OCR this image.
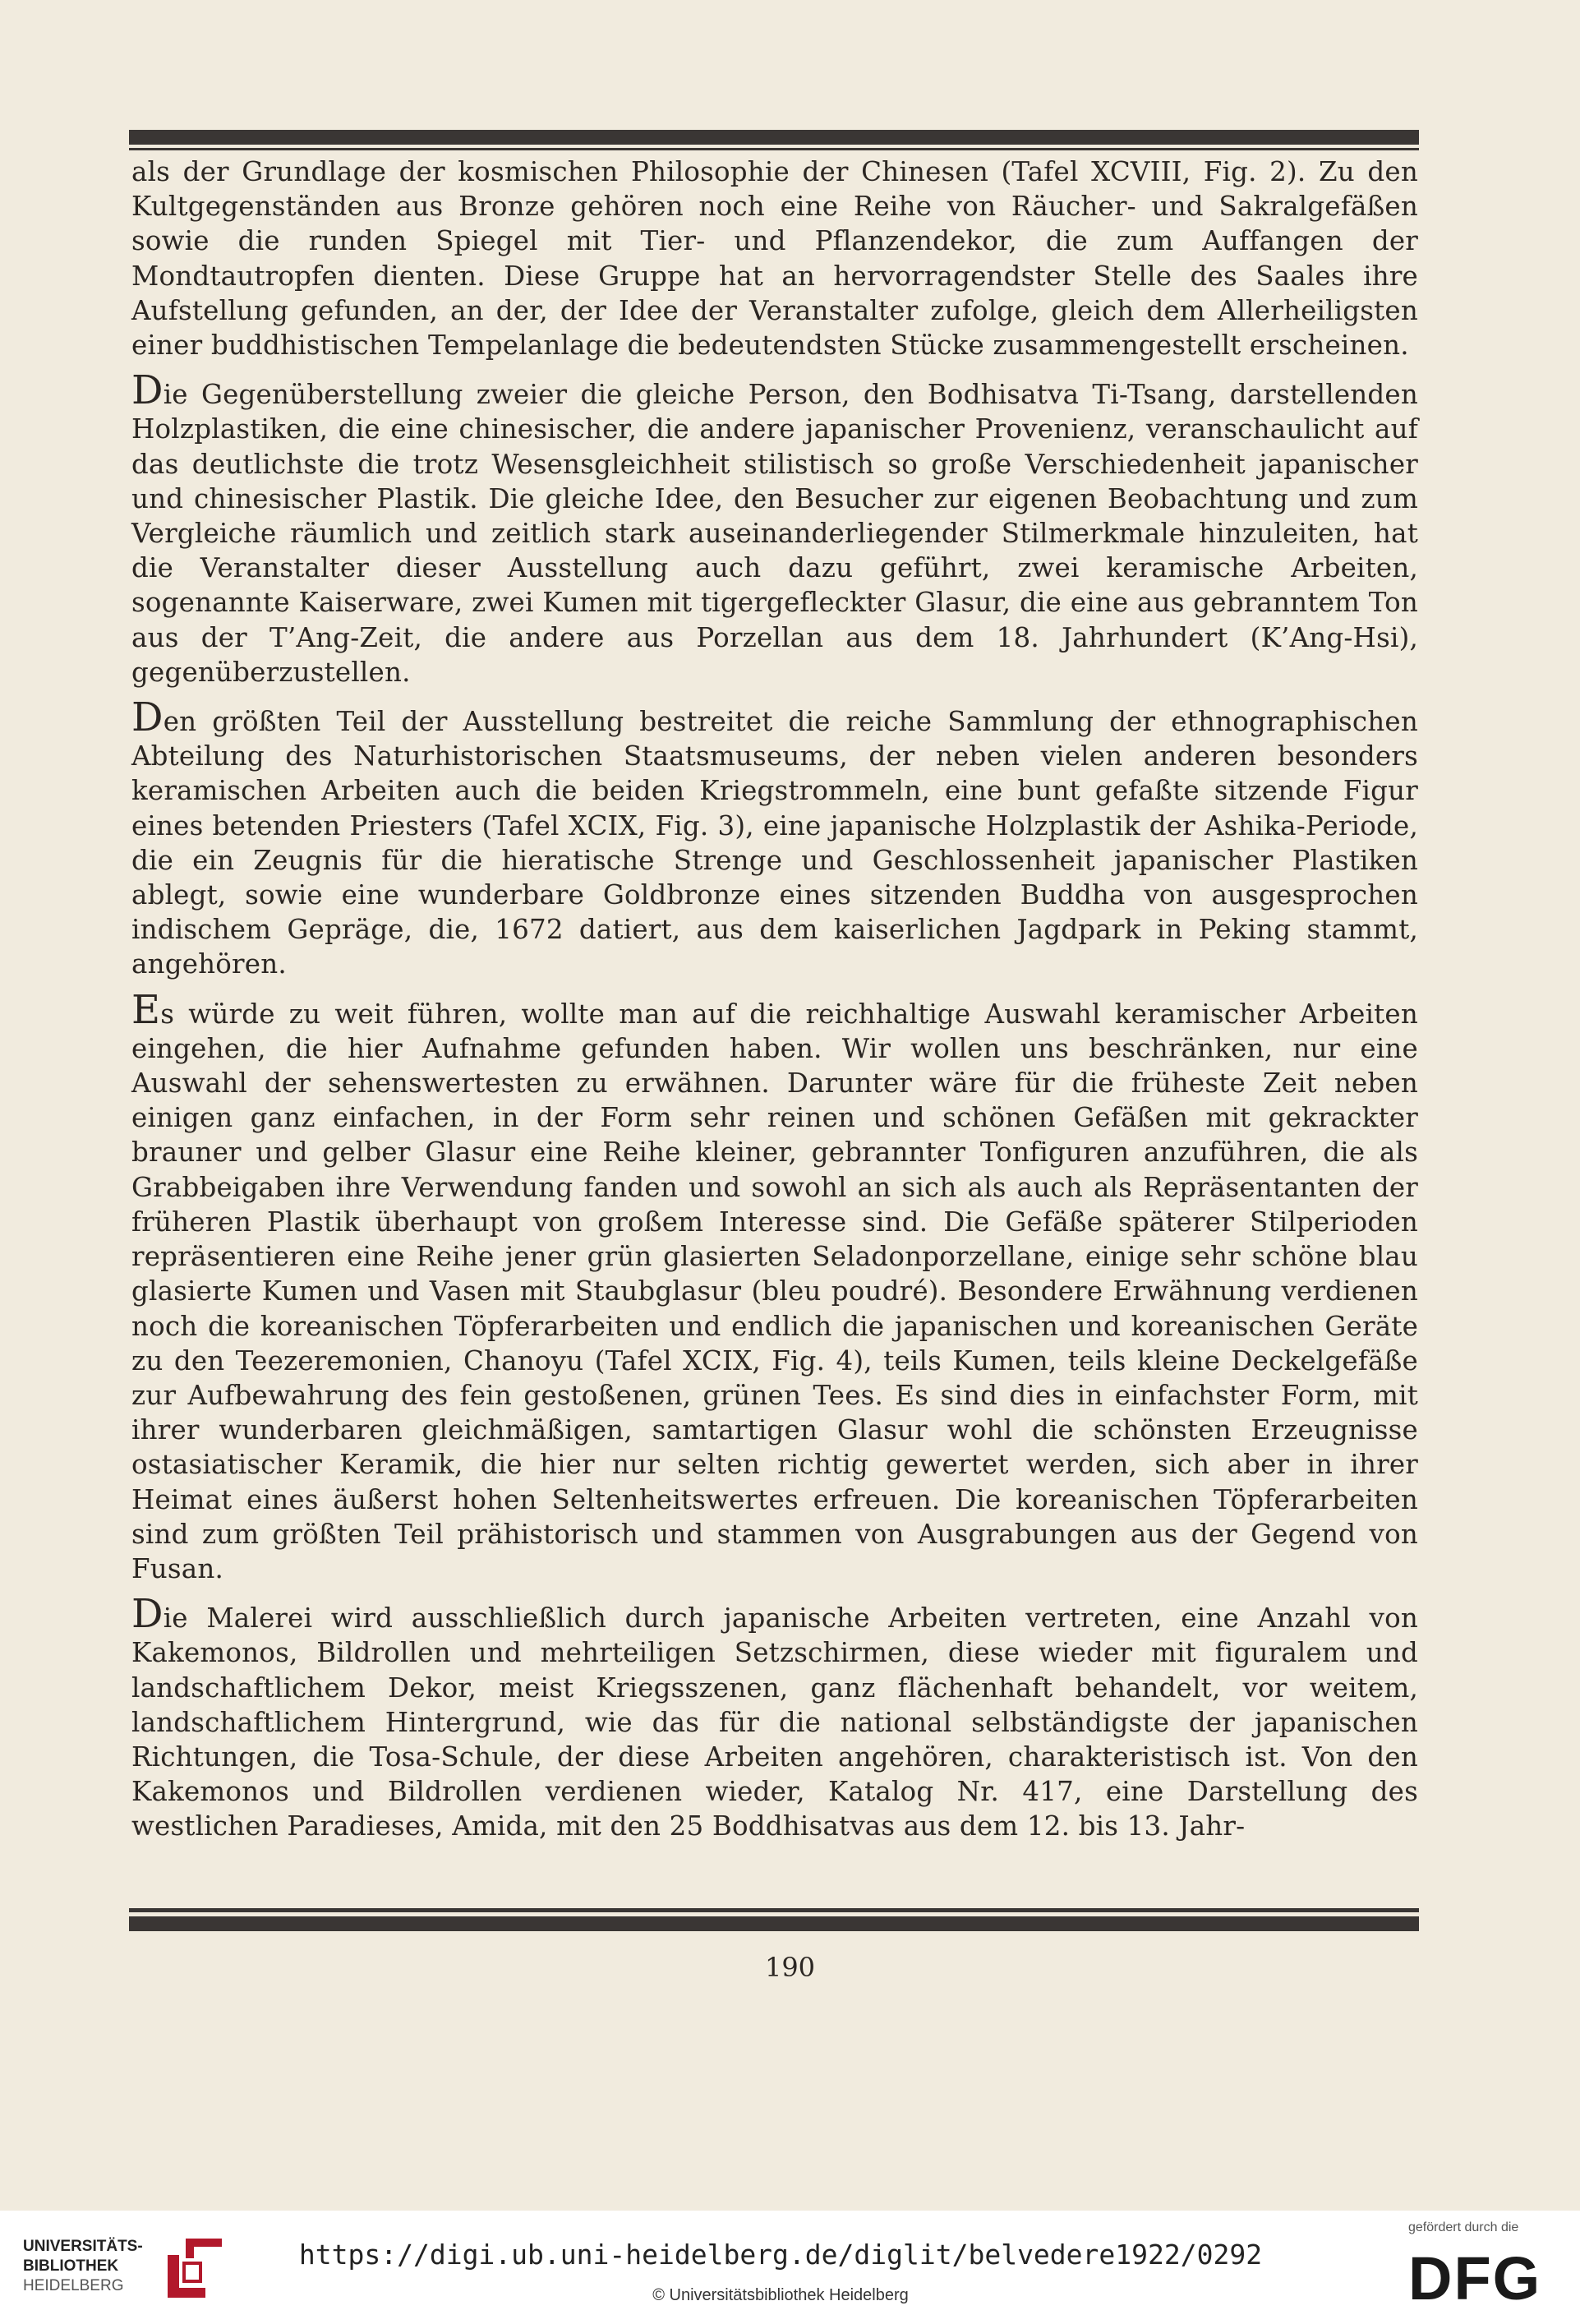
als der Grundlage der kosmischen Philosophie der Chinesen (Tafel XCVIII, Fig. 2). Zu den Kultgegenständen aus Bronze gehören noch eine Reihe von Räucher- und Sakralgefäßen sowie die runden Spiegel mit Tier- und Pflanzendekor, die zum Auffangen der Mondtautropfen dienten. Diese Gruppe hat an hervorragendster Stelle des Saales ihre Aufstellung gefunden, an der, der Idee der Veranstalter zufolge, gleich dem Allerheiligsten einer buddhistischen Tempelanlage die bedeutendsten Stücke zusammengestellt erscheinen.

Die Gegenüberstellung zweier die gleiche Person, den Bodhisatva Ti-Tsang, darstellenden Holzplastiken, die eine chinesischer, die andere japanischer Provenienz, veranschaulicht auf das deutlichste die trotz Wesensgleichheit stilistisch so große Verschiedenheit japanischer und chinesischer Plastik. Die gleiche Idee, den Besucher zur eigenen Beobachtung und zum Vergleiche räumlich und zeitlich stark auseinanderliegender Stilmerkmale hinzuleiten, hat die Veranstalter dieser Ausstellung auch dazu geführt, zwei keramische Arbeiten, sogenannte Kaiserware, zwei Kumen mit tigergefleckter Glasur, die eine aus gebranntem Ton aus der T’Ang-Zeit, die andere aus Porzellan aus dem 18. Jahrhundert (K’Ang-Hsi), gegenüberzustellen.

Den größten Teil der Ausstellung bestreitet die reiche Sammlung der ethnographischen Abteilung des Naturhistorischen Staatsmuseums, der neben vielen anderen besonders keramischen Arbeiten auch die beiden Kriegstrommeln, eine bunt gefaßte sitzende Figur eines betenden Priesters (Tafel XCIX, Fig. 3), eine japanische Holzplastik der Ashika-Periode, die ein Zeugnis für die hieratische Strenge und Geschlossenheit japanischer Plastiken ablegt, sowie eine wunderbare Goldbronze eines sitzenden Buddha von ausgesprochen indischem Gepräge, die, 1672 datiert, aus dem kaiserlichen Jagdpark in Peking stammt, angehören.

Es würde zu weit führen, wollte man auf die reichhaltige Auswahl keramischer Arbeiten eingehen, die hier Aufnahme gefunden haben. Wir wollen uns beschränken, nur eine Auswahl der sehenswertesten zu erwähnen. Darunter wäre für die früheste Zeit neben einigen ganz einfachen, in der Form sehr reinen und schönen Gefäßen mit gekrackter brauner und gelber Glasur eine Reihe kleiner, gebrannter Tonfiguren anzuführen, die als Grabbeigaben ihre Verwendung fanden und sowohl an sich als auch als Repräsentanten der früheren Plastik überhaupt von großem Interesse sind. Die Gefäße späterer Stilperioden repräsentieren eine Reihe jener grün glasierten Seladonporzellane, einige sehr schöne blau glasierte Kumen und Vasen mit Staubglasur (bleu poudré). Besondere Erwähnung verdienen noch die koreanischen Töpferarbeiten und endlich die japanischen und koreanischen Geräte zu den Teezeremonien, Chanoyu (Tafel XCIX, Fig. 4), teils Kumen, teils kleine Deckelgefäße zur Aufbewahrung des fein gestoßenen, grünen Tees. Es sind dies in einfachster Form, mit ihrer wunderbaren gleichmäßigen, samtartigen Glasur wohl die schönsten Erzeugnisse ostasiatischer Keramik, die hier nur selten richtig gewertet werden, sich aber in ihrer Heimat eines äußerst hohen Seltenheitswertes erfreuen. Die koreanischen Töpferarbeiten sind zum größten Teil prähistorisch und stammen von Ausgrabungen aus der Gegend von Fusan.

Die Malerei wird ausschließlich durch japanische Arbeiten vertreten, eine Anzahl von Kakemonos, Bildrollen und mehrteiligen Setzschirmen, diese wieder mit figuralem und landschaftlichem Dekor, meist Kriegsszenen, ganz flächenhaft behandelt, vor weitem, landschaftlichem Hintergrund, wie das für die national selbständigste der japanischen Richtungen, die Tosa-Schule, der diese Arbeiten angehören, charakteristisch ist. Von den Kakemonos und Bildrollen verdienen wieder, Katalog Nr. 417, eine Darstellung des westlichen Paradieses, Amida, mit den 25 Boddhisatvas aus dem 12. bis 13. Jahr-

190
UNIVERSITÄTS-
BIBLIOTHEK
HEIDELBERG
https://digi.ub.uni-heidelberg.de/diglit/belvedere1922/0292
© Universitätsbibliothek Heidelberg
gefördert durch die
DFG
